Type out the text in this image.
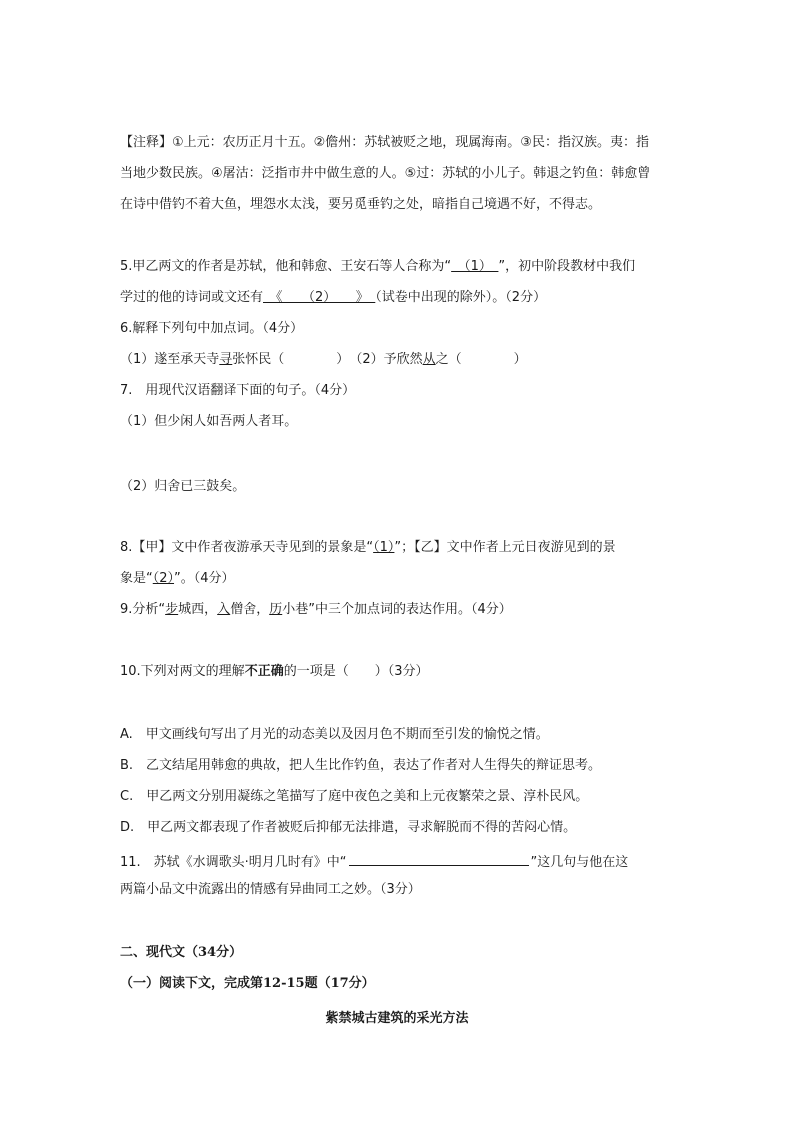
【注释】①上元：农历正月十五。②儋州：苏轼被贬之地，现属海南。③民：指汉族。夷：指
当地少数民族。④屠沽：泛指市井中做生意的人。⑤过：苏轼的小儿子。韩退之钓鱼：韩愈曾
在诗中借钓不着大鱼，埋怨水太浅，要另觅垂钓之处，暗指自己境遇不好，不得志。
5.甲乙两文的作者是苏轼，他和韩愈、王安石等人合称为“　（1）　”，初中阶段教材中我们
学过的他的诗词或文还有　《　　（2）　　》　（试卷中出现的除外）。（2分）
6.解释下列句中加点词。（4分）
（1）遂至承天寺寻张怀民（　　　　）　 （2）予欣然从之（　　　　）
7.　用现代汉语翻译下面的句子。（4分）
（1）但少闲人如吾两人者耳。
（2）归舍已三鼓矣。
8.【甲】文中作者夜游承天寺见到的景象是“（1）”；【乙】文中作者上元日夜游见到的景
象是“（2）”。（4分）
9.分析“步城西，入僧舍，历小巷”中三个加点词的表达作用。（4分）
10.下列对两文的理解不正确的一项是（　　）（3分）
A.　甲文画线句写出了月光的动态美以及因月色不期而至引发的愉悦之情。
B.　乙文结尾用韩愈的典故，把人生比作钓鱼，表达了作者对人生得失的辩证思考。
C.　甲乙两文分别用凝练之笔描写了庭中夜色之美和上元夜繁荣之景、淳朴民风。
D.　甲乙两文都表现了作者被贬后抑郁无法排遣，寻求解脱而不得的苦闷心情。
11.　苏轼《水调歌头·明月几时有》中“	”这几句与他在这
两篇小品文中流露出的情感有异曲同工之妙。（3分）
二、现代文（34分）
（一）阅读下文，完成第12-15题（17分）
紫禁城古建筑的采光方法
